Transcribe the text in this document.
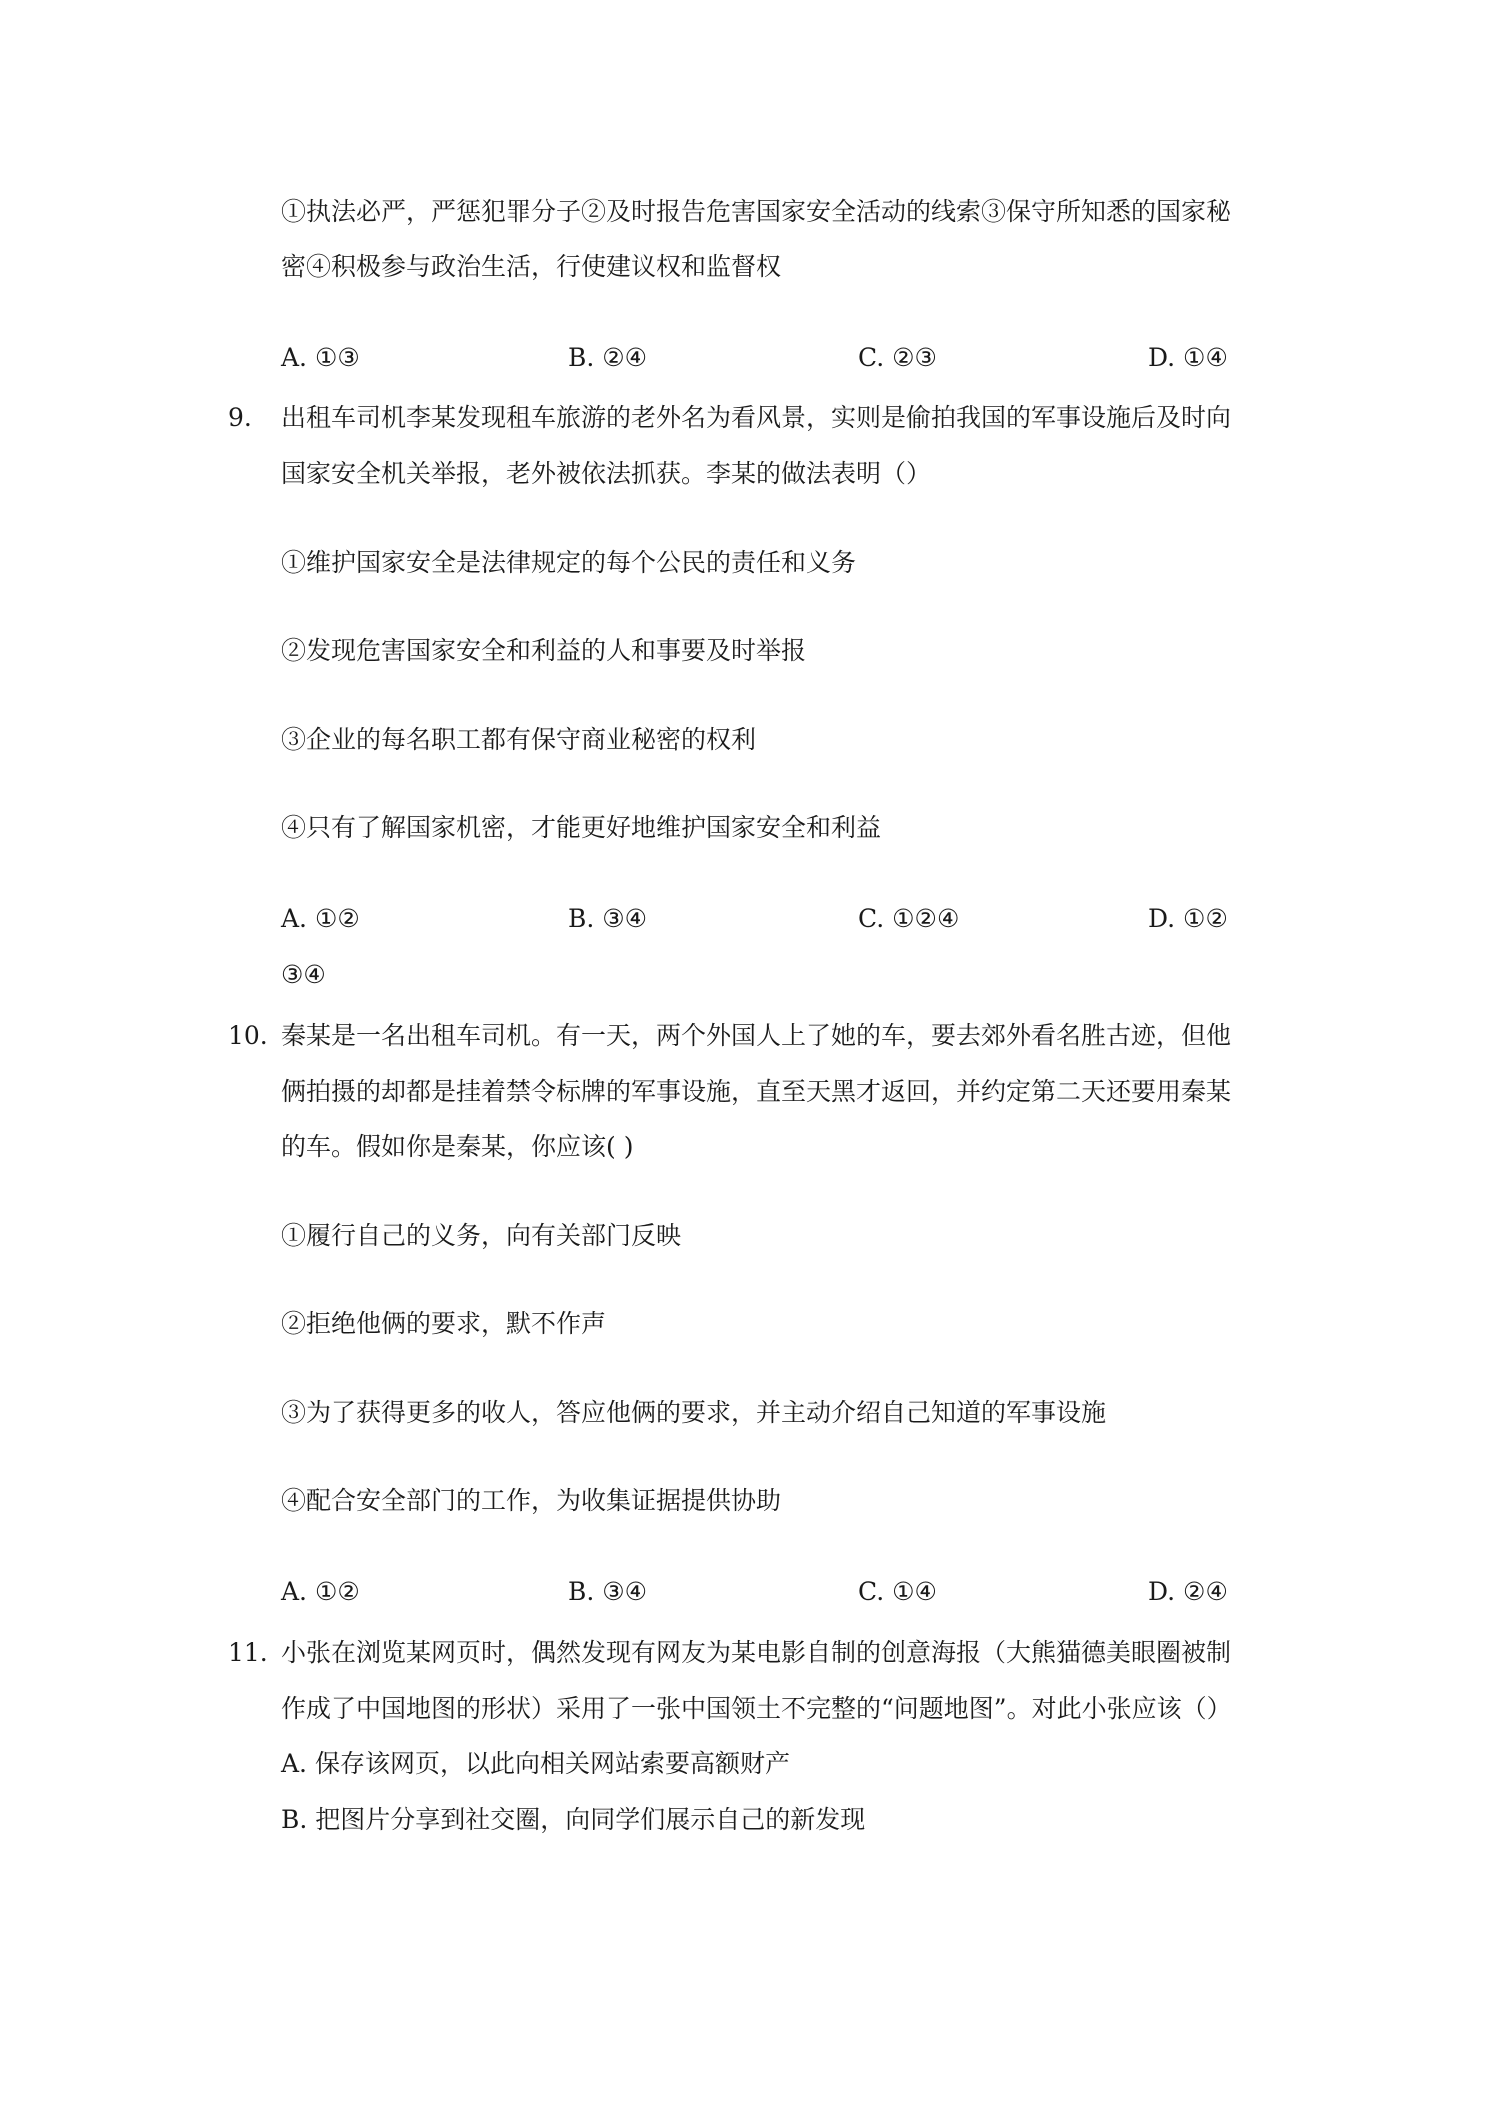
①执法必严，严惩犯罪分子②及时报告危害国家安全活动的线索③保守所知悉的国家秘
密④积极参与政治生活，行使建议权和监督权
A. ①③	B. ②④	C. ②③	D. ①④
9. 出租车司机李某发现租车旅游的老外名为看风景，实则是偷拍我国的军事设施后及时向
国家安全机关举报，老外被依法抓获。李某的做法表明（）
①维护国家安全是法律规定的每个公民的责任和义务
②发现危害国家安全和利益的人和事要及时举报
③企业的每名职工都有保守商业秘密的权利
④只有了解国家机密，才能更好地维护国家安全和利益
A. ①②	B. ③④	C. ①②④	D. ①②
③④
10. 秦某是一名出租车司机。有一天，两个外国人上了她的车，要去郊外看名胜古迹，但他
俩拍摄的却都是挂着禁令标牌的军事设施，直至天黑才返回，并约定第二天还要用秦某
的车。假如你是秦某，你应该( )
①履行自己的义务，向有关部门反映
②拒绝他俩的要求，默不作声
③为了获得更多的收人，答应他俩的要求，并主动介绍自己知道的军事设施
④配合安全部门的工作，为收集证据提供协助
A. ①②	B. ③④	C. ①④	D. ②④
11. 小张在浏览某网页时，偶然发现有网友为某电影自制的创意海报（大熊猫德美眼圈被制
作成了中国地图的形状）采用了一张中国领土不完整的“问题地图”。对此小张应该（）
A. 保存该网页，以此向相关网站索要高额财产
B. 把图片分享到社交圈，向同学们展示自己的新发现
